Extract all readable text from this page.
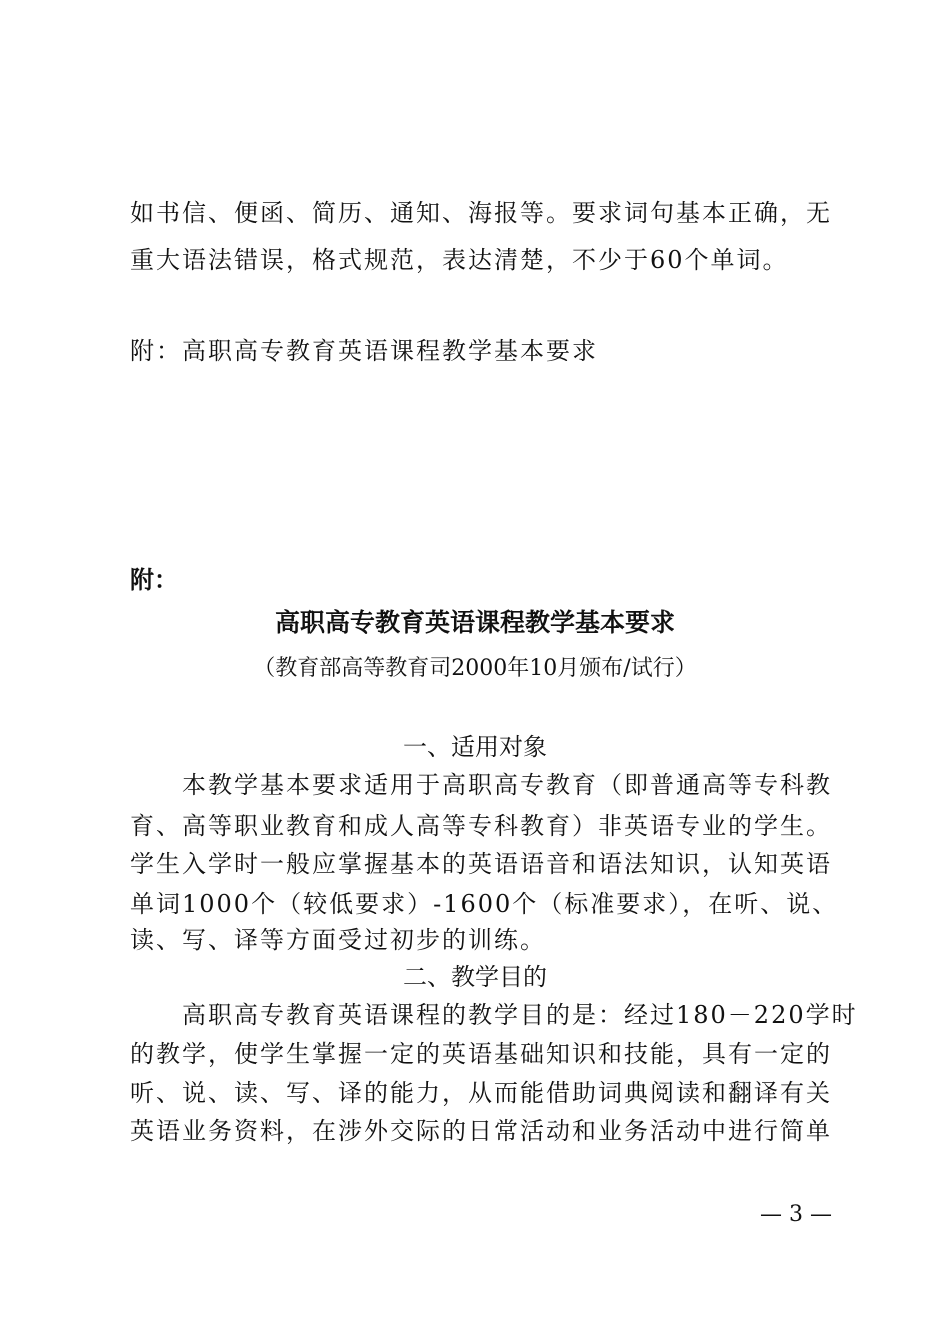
如书信、便函、简历、通知、海报等。要求词句基本正确，无
重大语法错误，格式规范，表达清楚，不少于60个单词。
附：高职高专教育英语课程教学基本要求
附：
高职高专教育英语课程教学基本要求
（教育部高等教育司2000年10月颁布/试行）
一、适用对象
　　本教学基本要求适用于高职高专教育（即普通高等专科教
育、高等职业教育和成人高等专科教育）非英语专业的学生。
学生入学时一般应掌握基本的英语语音和语法知识，认知英语
单词1000个（较低要求）-1600个（标准要求），在听、说、
读、写、译等方面受过初步的训练。
二、教学目的
　　高职高专教育英语课程的教学目的是：经过180－220学时
的教学，使学生掌握一定的英语基础知识和技能，具有一定的
听、说、读、写、译的能力，从而能借助词典阅读和翻译有关
英语业务资料，在涉外交际的日常活动和业务活动中进行简单
— 3 —
